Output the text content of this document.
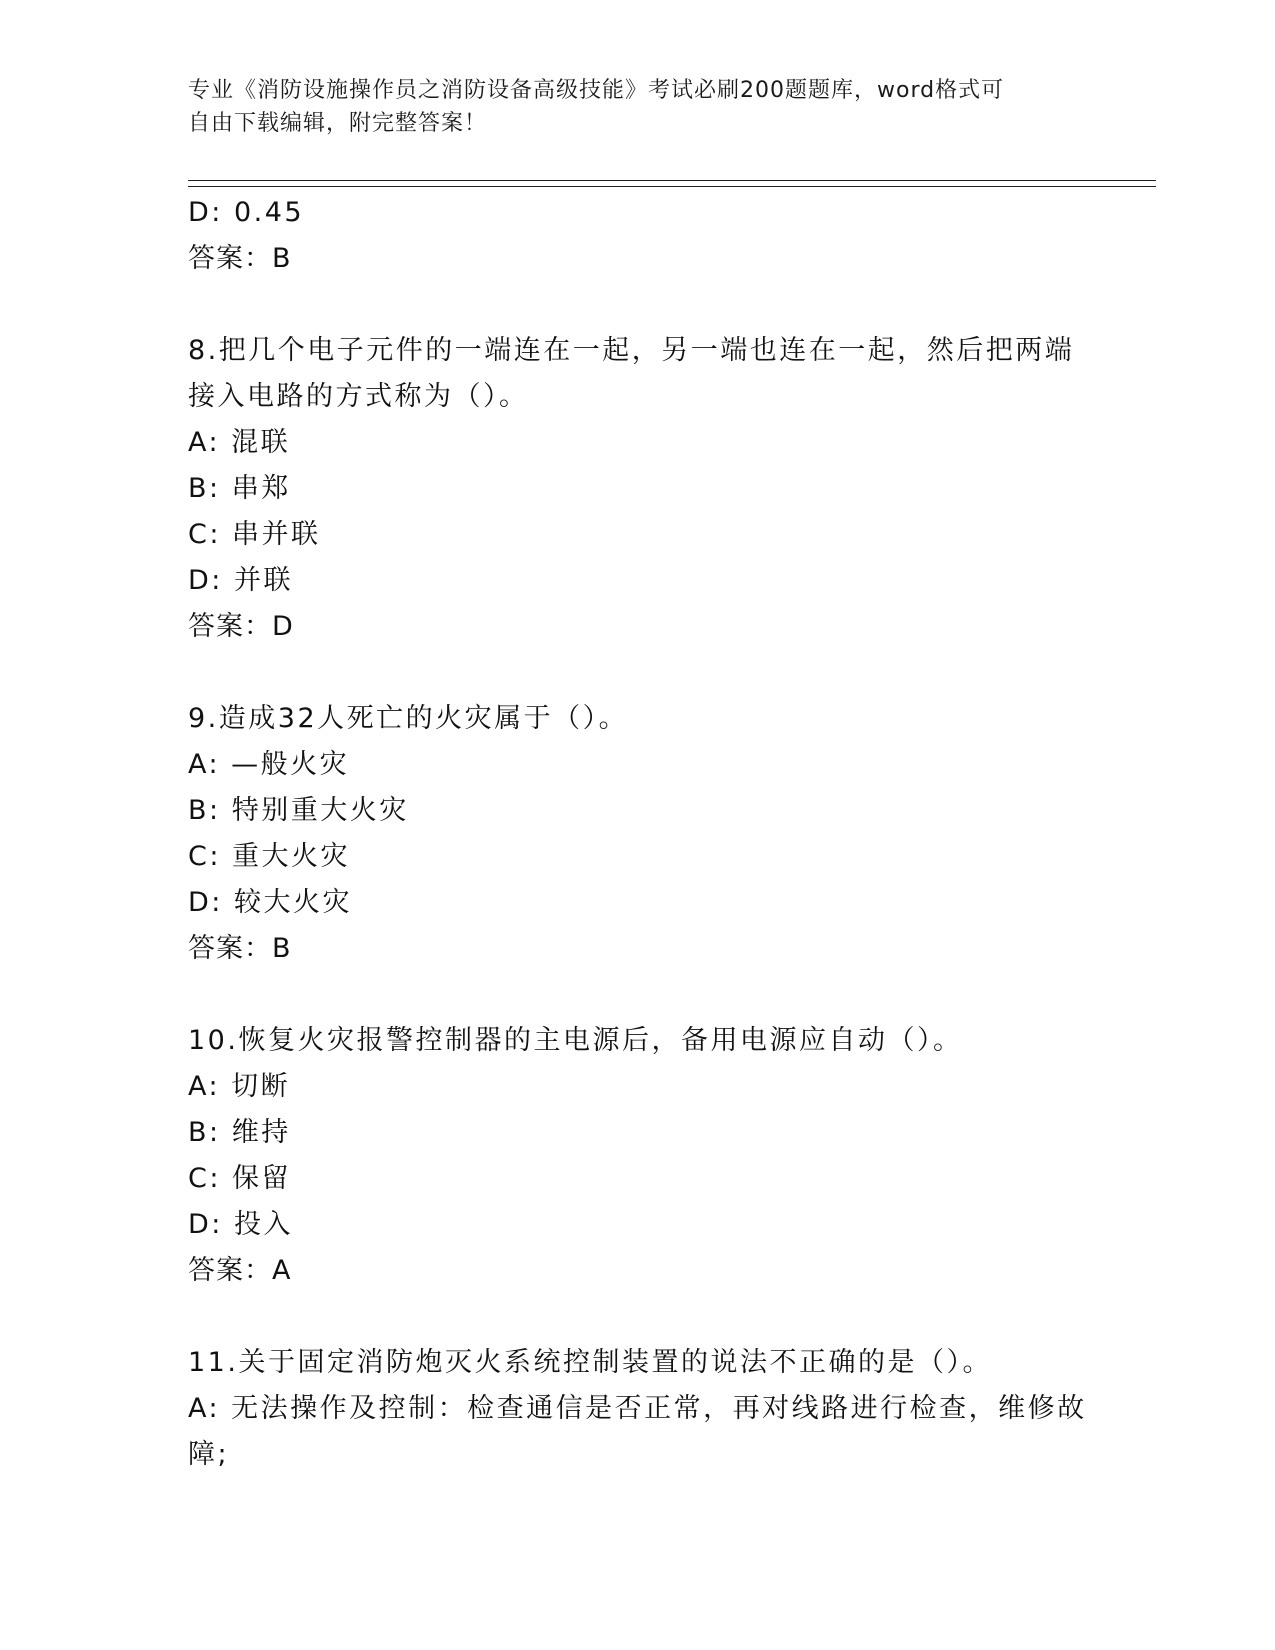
专业《消防设施操作员之消防设备高级技能》考试必刷200题题库，word格式可
自由下载编辑，附完整答案！
D: 0.45
答案：B
8.把几个电子元件的一端连在一起，另一端也连在一起，然后把两端
接入电路的方式称为（）。
A: 混联
B: 串郑
C: 串并联
D: 并联
答案：D
9.造成32人死亡的火灾属于（）。
A: —般火灾
B: 特别重大火灾
C: 重大火灾
D: 较大火灾
答案：B
10.恢复火灾报警控制器的主电源后，备用电源应自动（）。
A: 切断
B: 维持
C: 保留
D: 投入
答案：A
11.关于固定消防炮灭火系统控制装置的说法不正确的是（）。
A: 无法操作及控制：检查通信是否正常，再对线路进行检查，维修故
障;
